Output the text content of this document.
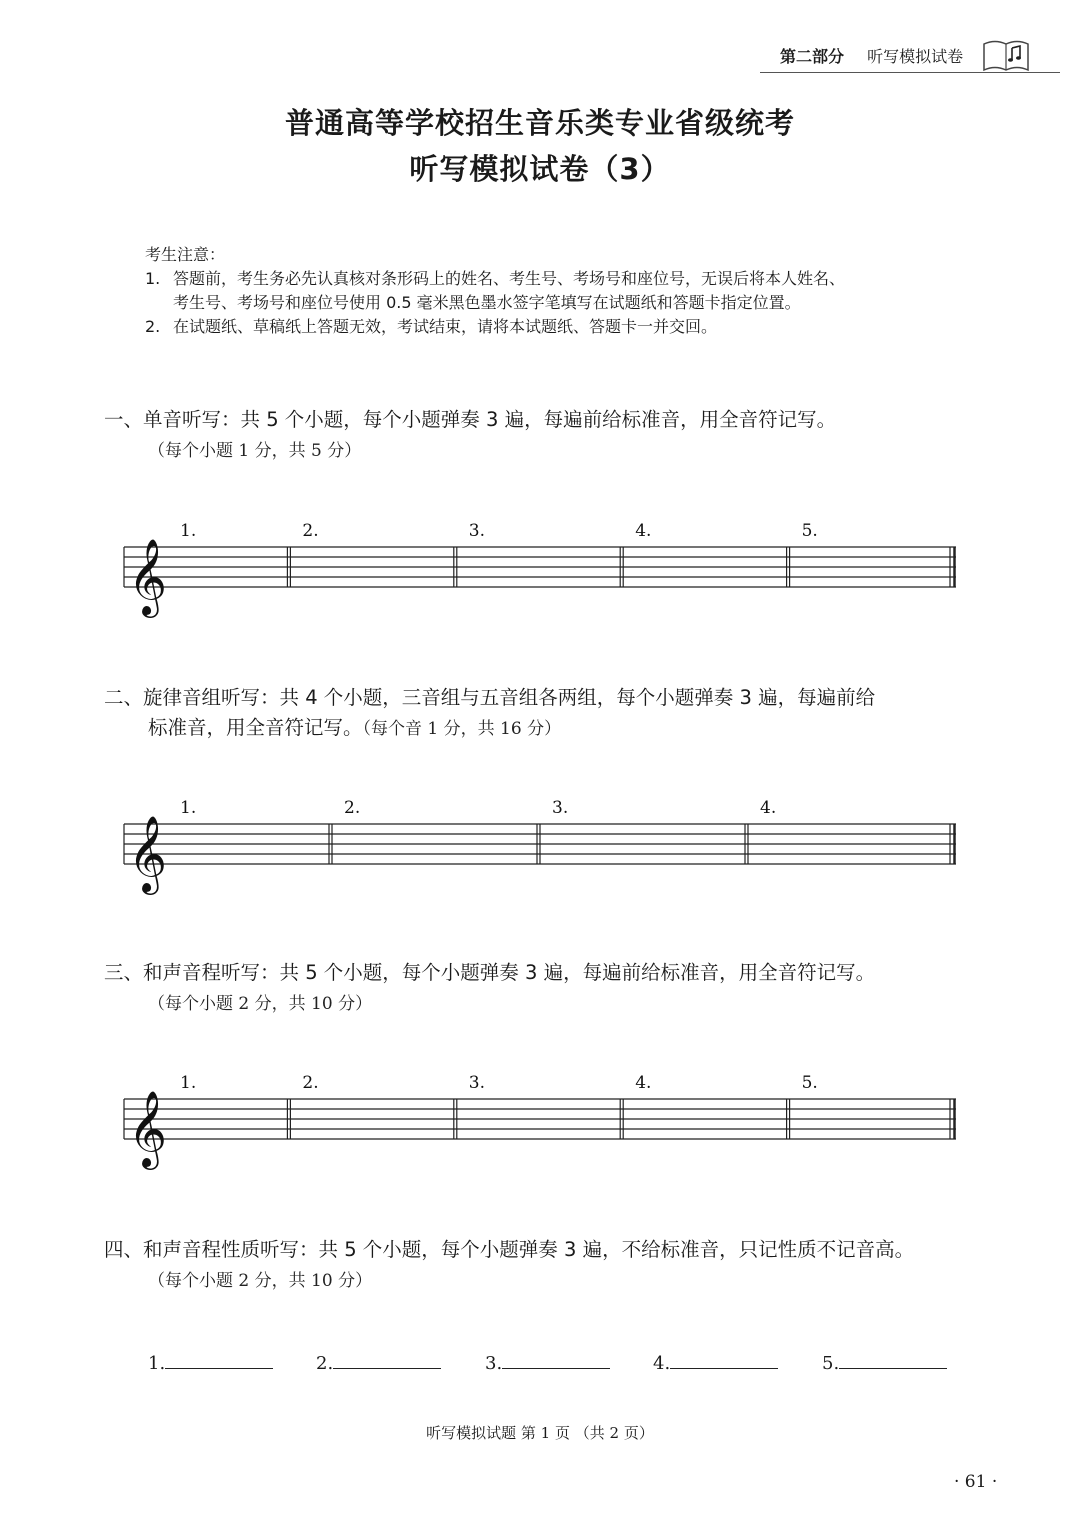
第二部分 听写模拟试卷
普通高等学校招生音乐类专业省级统考
听写模拟试卷（3）
考生注意：
1. 答题前，考生务必先认真核对条形码上的姓名、考生号、考场号和座位号，无误后将本人姓名、
考生号、考场号和座位号使用 0.5 毫米黑色墨水签字笔填写在试题纸和答题卡指定位置。
2. 在试题纸、草稿纸上答题无效，考试结束，请将本试题纸、答题卡一并交回。
一、单音听写：共 5 个小题，每个小题弹奏 3 遍，每遍前给标准音，用全音符记写。
（每个小题 1 分，共 5 分）
𝄞
1.	2.	3.	4.	5.
二、旋律音组听写：共 4 个小题，三音组与五音组各两组，每个小题弹奏 3 遍，每遍前给
标准音，用全音符记写。（每个音 1 分，共 16 分）
𝄞
1.	2.	3.	4.
三、和声音程听写：共 5 个小题，每个小题弹奏 3 遍，每遍前给标准音，用全音符记写。
（每个小题 2 分，共 10 分）
𝄞
1.	2.	3.	4.	5.
四、和声音程性质听写：共 5 个小题，每个小题弹奏 3 遍，不给标准音，只记性质不记音高。
（每个小题 2 分，共 10 分）
1.	2.	3.	4.	5.
听写模拟试题 第 1 页 （共 2 页）
· 61 ·
